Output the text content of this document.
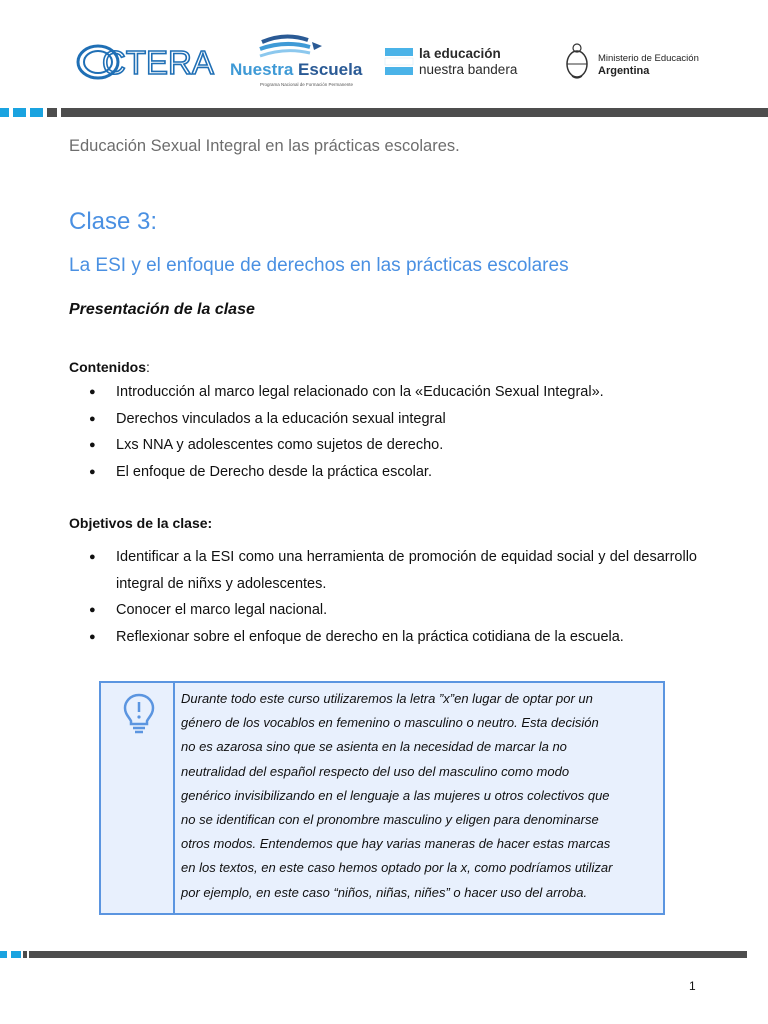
CTERA Nuestra Escuela
Programa Nacional de Formación Permanente
la educación
nuestra bandera
Ministerio de Educación
Argentina
Educación Sexual Integral en las prácticas escolares.
Clase 3:
La ESI y el enfoque de derechos en las prácticas escolares
Presentación de la clase
Contenidos:
● Introducción al marco legal relacionado con la «Educación Sexual Integral».
● Derechos vinculados a la educación sexual integral
● Lxs NNA y adolescentes como sujetos de derecho.
● El enfoque de Derecho desde la práctica escolar.
Objetivos de la clase:
● Identificar a la ESI como una herramienta de promoción de equidad social y del desarrollo integral de niñxs y adolescentes.
● Conocer el marco legal nacional.
● Reflexionar sobre el enfoque de derecho en la práctica cotidiana de la escuela.
Durante todo este curso utilizaremos la letra ”x”en lugar de optar por un
género de los vocablos en femenino o masculino o neutro. Esta decisión
no es azarosa sino que se asienta en la necesidad de marcar la no
neutralidad del español respecto del uso del masculino como modo
genérico invisibilizando en el lenguaje a las mujeres u otros colectivos que
no se identifican con el pronombre masculino y eligen para denominarse
otros modos. Entendemos que hay varias maneras de hacer estas marcas
en los textos, en este caso hemos optado por la x, como podríamos utilizar
por ejemplo, en este caso “niños, niñas, niñes” o hacer uso del arroba.
1
